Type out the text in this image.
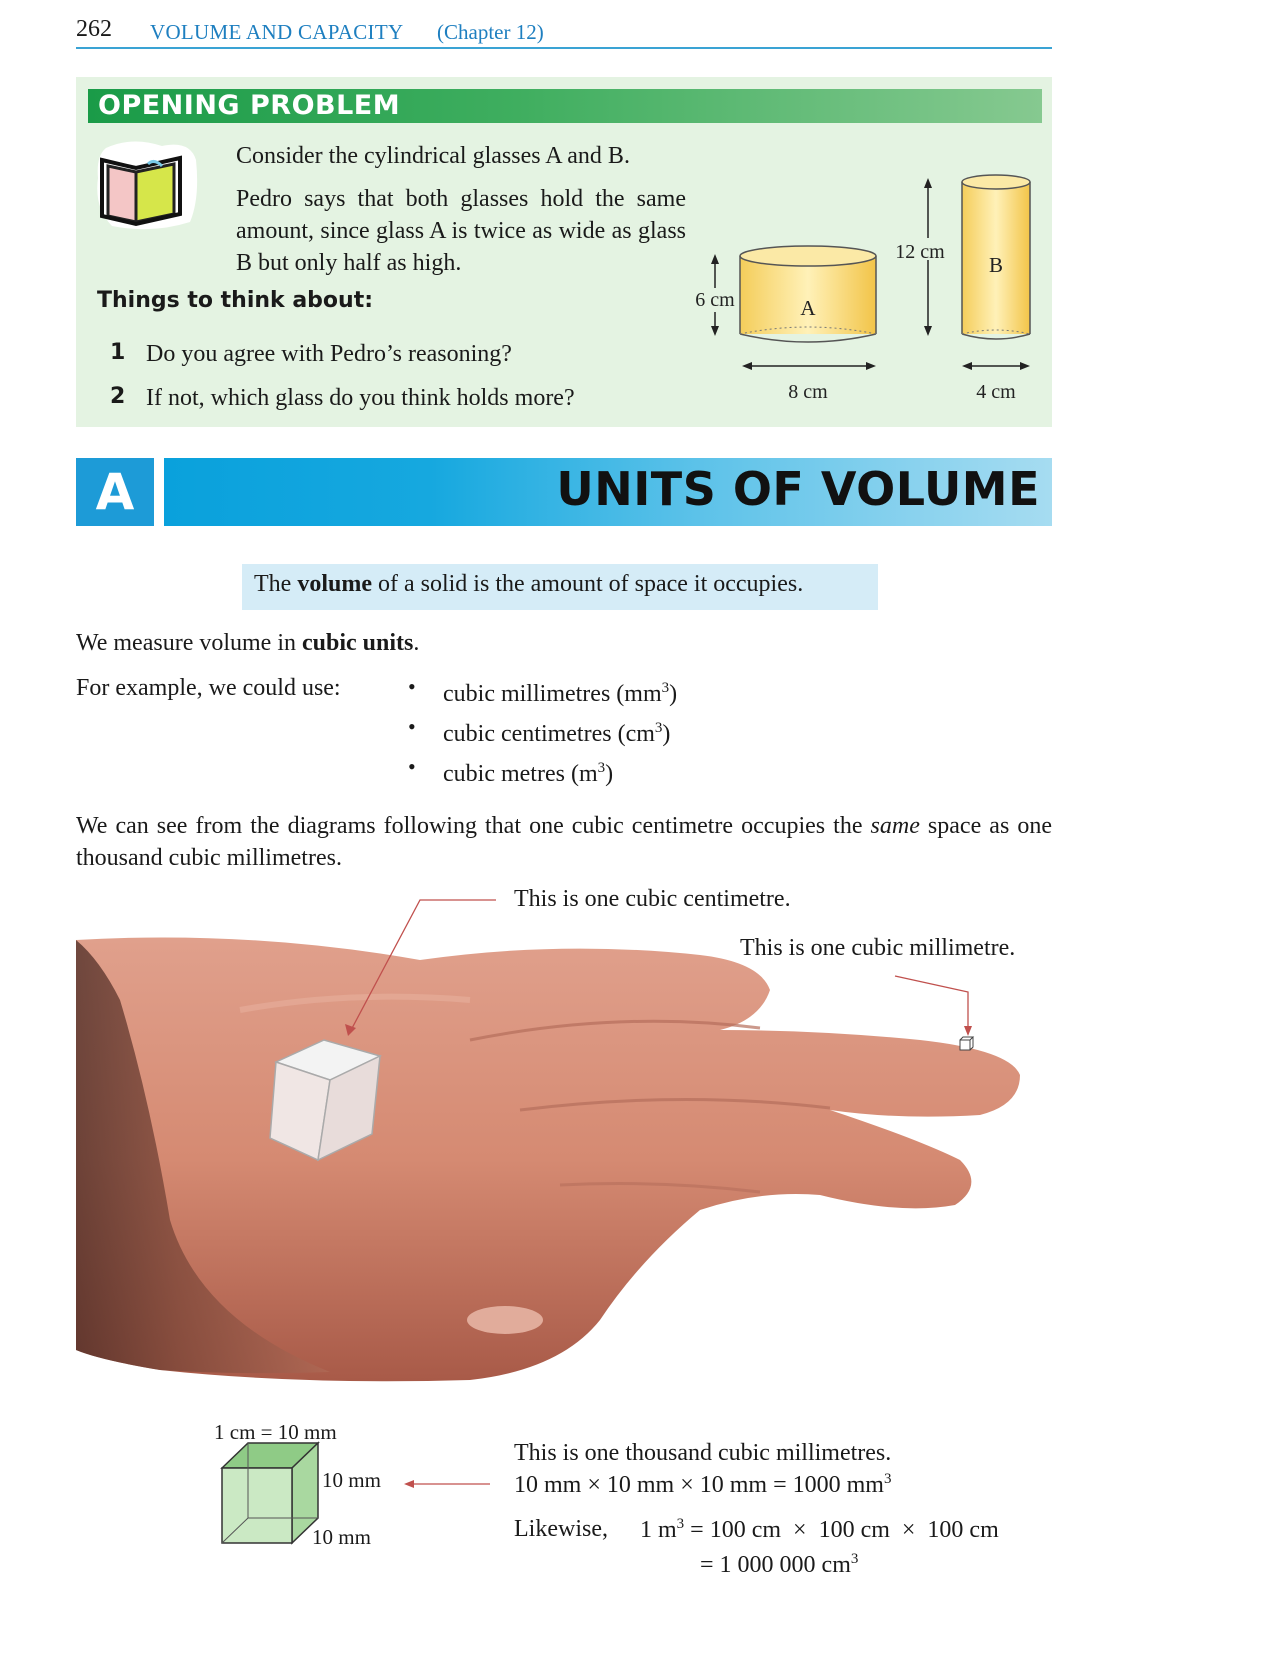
262 VOLUME AND CAPACITY (Chapter 12)
OPENING PROBLEM
Consider the cylindrical glasses A and B.
Pedro says that both glasses hold the same amount, since glass A is twice as wide as glass B but only half as high.
Things to think about:
1 Do you agree with Pedro’s reasoning?
2 If not, which glass do you think holds more?
A
B
6 cm
8 cm
12 cm
4 cm
A	UNITS OF VOLUME
The volume of a solid is the amount of space it occupies.
We measure volume in cubic units.
For example, we could use:	• cubic millimetres $(mm^3)$
• cubic centimetres $(cm^3)$
• cubic metres $(m^3)$
We can see from the diagrams following that one cubic centimetre occupies the same space as one thousand cubic millimetres.
This is one cubic centimetre.
This is one cubic millimetre.
1 cm = 10 mm
10 mm
10 mm
This is one thousand cubic millimetres.
10 mm × 10 mm × 10 mm = 1000 $mm^3$
Likewise, 1 $m^3 = 100$ cm  ×  100 cm  ×  100 cm
= 1 000 000 $cm^3$
